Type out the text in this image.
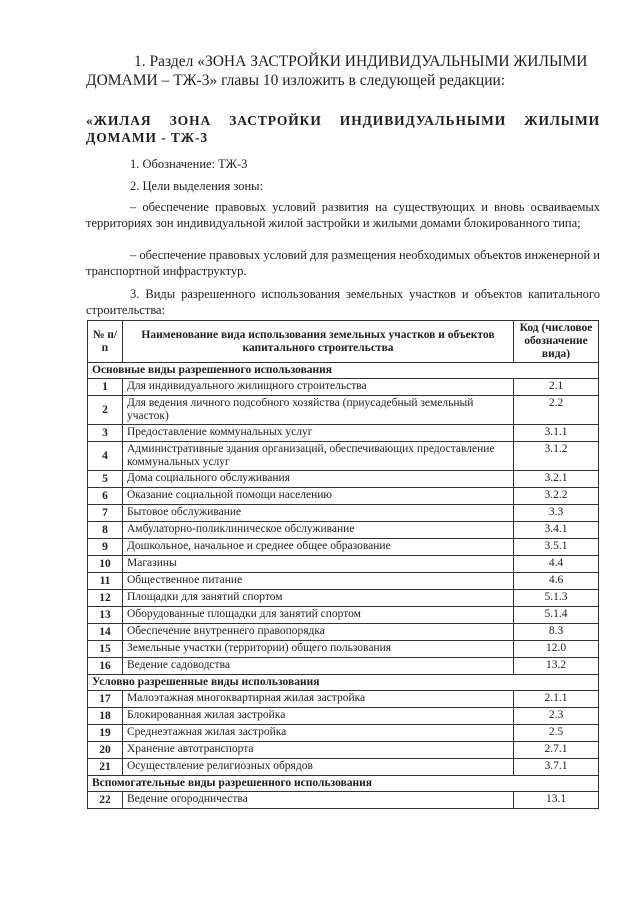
1. Раздел «ЗОНА ЗАСТРОЙКИ ИНДИВИДУАЛЬНЫМИ ЖИЛЫМИ ДОМАМИ – ТЖ-3» главы 10 изложить в следующей редакции:

«ЖИЛАЯ ЗОНА ЗАСТРОЙКИ ИНДИВИДУАЛЬНЫМИ ЖИЛЫМИ ДОМАМИ - ТЖ-3

1. Обозначение: ТЖ-3

2. Цели выделения зоны:

– обеспечение правовых условий развития на существующих и вновь осваиваемых территориях зон индивидуальной жилой застройки и жилыми домами блокированного типа;

– обеспечение правовых условий для размещения необходимых объектов инженерной и транспортной инфраструктур.

3. Виды разрешенного использования земельных участков и объектов капитального строительства:

№ п/п	Наименование вида использования земельных участков и объектов капитального строительства	Код (числовое обозначение вида)
Основные виды разрешенного использования		
1	Для индивидуального жилищного строительства	2.1
2	Для ведения личного подсобного хозяйства (приусадебный земельный участок)	2.2
3	Предоставление коммунальных услуг	3.1.1
4	Административные здания организаций, обеспечивающих предоставление коммунальных услуг	3.1.2
5	Дома социального обслуживания	3.2.1
6	Оказание социальной помощи населению	3.2.2
7	Бытовое обслуживание	3.3
8	Амбулаторно-поликлиническое обслуживание	3.4.1
9	Дошкольное, начальное и среднее общее образование	3.5.1
10	Магазины	4.4
11	Общественное питание	4.6
12	Площадки для занятий спортом	5.1.3
13	Оборудованные площадки для занятий спортом	5.1.4
14	Обеспечение внутреннего правопорядка	8.3
15	Земельные участки (территории) общего пользования	12.0
16	Ведение садоводства	13.2
Условно разрешенные виды использования		
17	Малоэтажная многоквартирная жилая застройка	2.1.1
18	Блокированная жилая застройка	2.3
19	Среднеэтажная жилая застройка	2.5
20	Хранение автотранспорта	2.7.1
21	Осуществление религиозных обрядов	3.7.1
Вспомогательные виды разрешенного использования		
22	Ведение огородничества	13.1
